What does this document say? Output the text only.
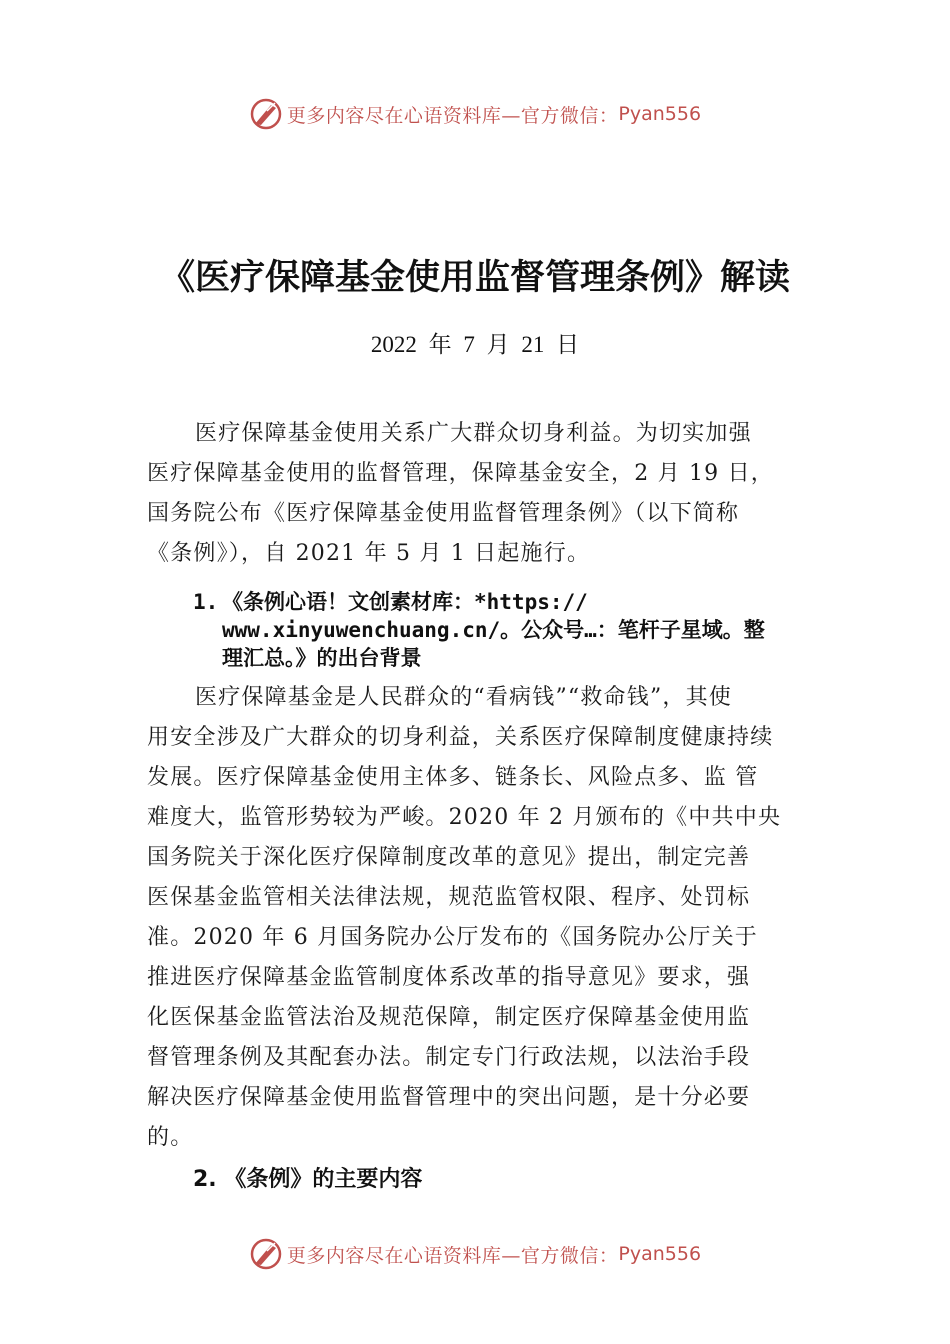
更多内容尽在心语资料库—官方微信： Pyan556
《医疗保障基金使用监督管理条例》解读
2022 年 7 月 21 日

医疗保障基金使用关系广大群众切身利益。为切实加强
医疗保障基金使用的监督管理，保障基金安全，2 月 19 日，
国务院公布《医疗保障基金使用监督管理条例》（以下简称
《条例》），自 2021 年 5 月 1 日起施行。

1. 《条例心语！文创素材库：*https://
www.xinyuwenchuang.cn/。公众号…：笔杆子星域。整
理汇总。》的出台背景

医疗保障基金是人民群众的“看病钱”“救命钱”，其使
用安全涉及广大群众的切身利益，关系医疗保障制度健康持续
发展。医疗保障基金使用主体多、链条长、风险点多、监 管
难度大，监管形势较为严峻。2020 年 2 月颁布的《中共中央
国务院关于深化医疗保障制度改革的意见》提出，制定完善
医保基金监管相关法律法规，规范监管权限、程序、处罚标
准。2020 年 6 月国务院办公厅发布的《国务院办公厅关于
推进医疗保障基金监管制度体系改革的指导意见》要求，强
化医保基金监管法治及规范保障，制定医疗保障基金使用监
督管理条例及其配套办法。制定专门行政法规，以法治手段
解决医疗保障基金使用监督管理中的突出问题，是十分必要
的。

2. 《条例》的主要内容
更多内容尽在心语资料库—官方微信： Pyan556
